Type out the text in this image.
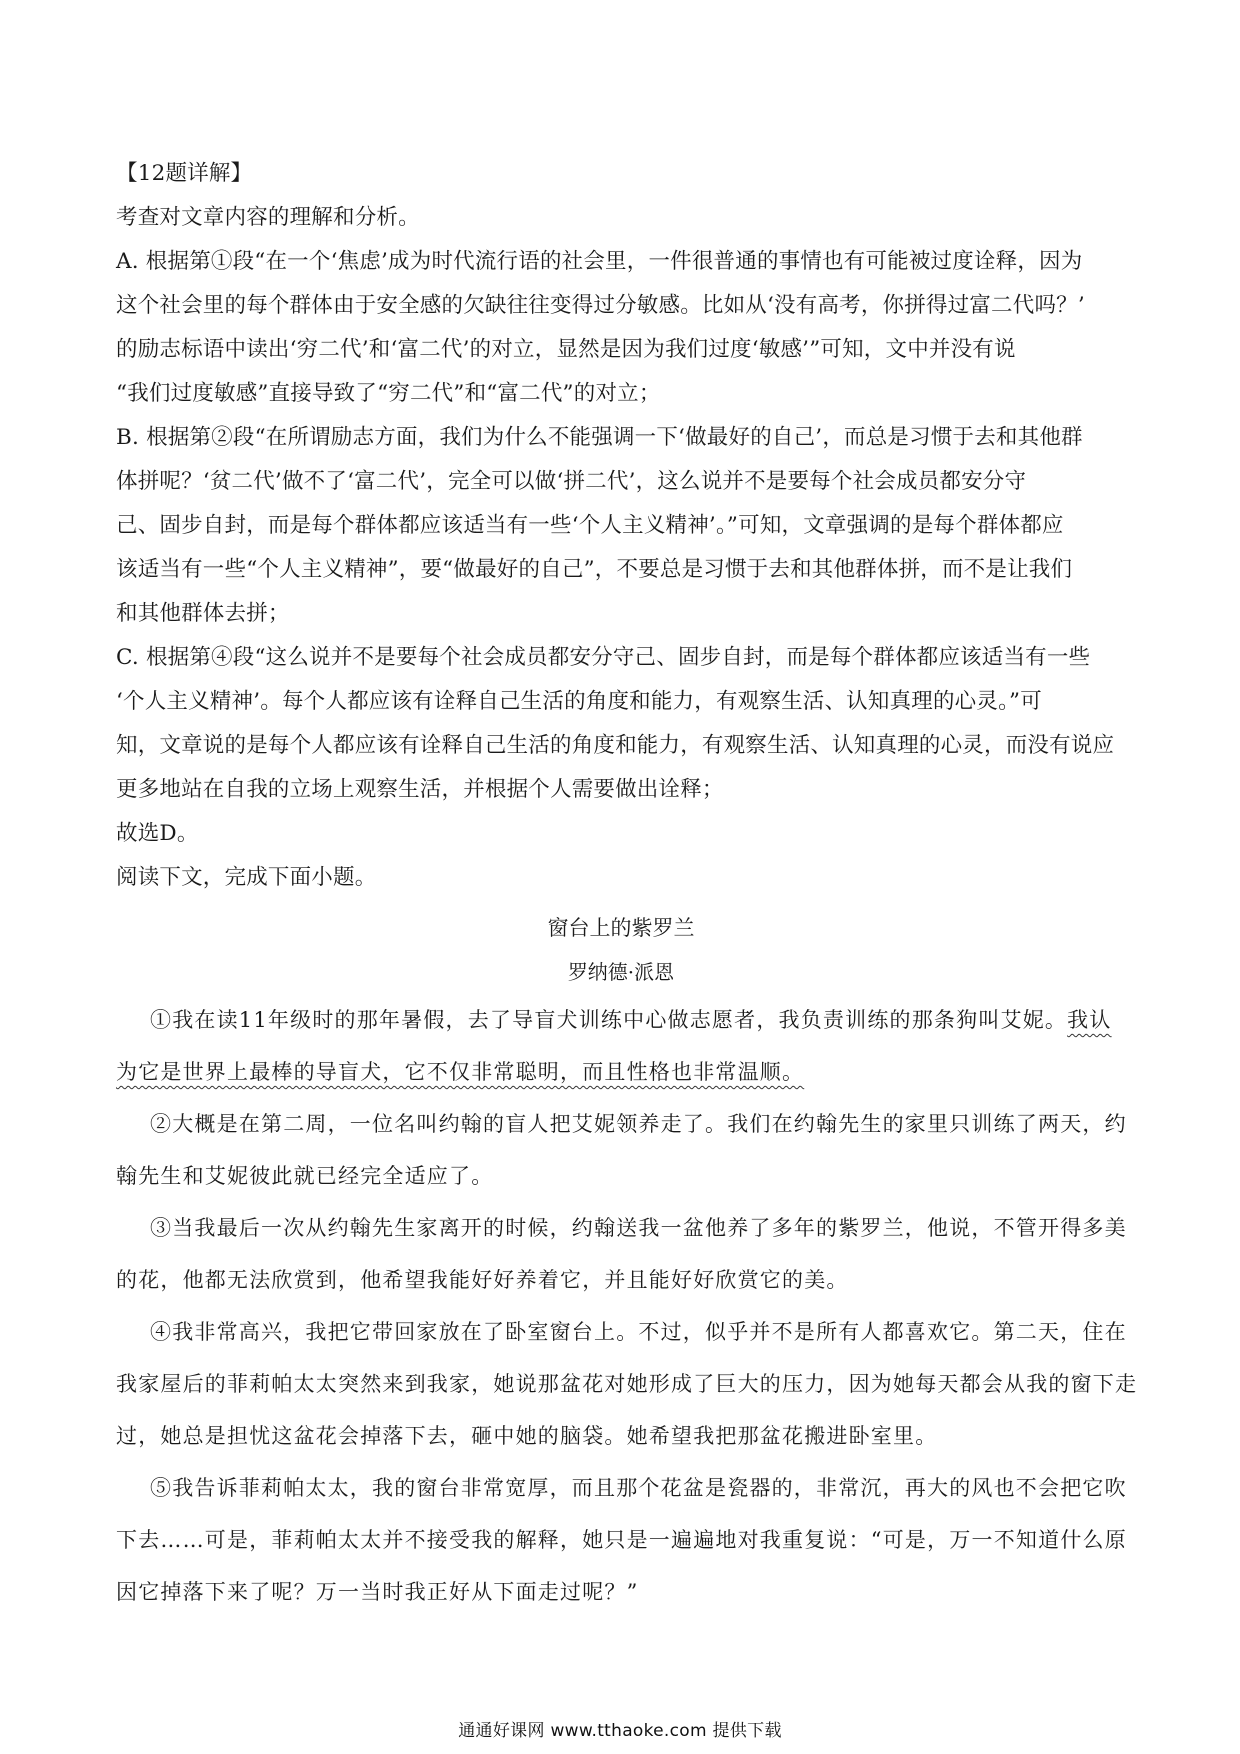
【12题详解】
考查对文章内容的理解和分析。
A. 根据第①段“在一个‘焦虑’成为时代流行语的社会里，一件很普通的事情也有可能被过度诠释，因为
这个社会里的每个群体由于安全感的欠缺往往变得过分敏感。比如从‘没有高考，你拼得过富二代吗？’
的励志标语中读出‘穷二代’和‘富二代’的对立，显然是因为我们过度‘敏感’”可知，文中并没有说
“我们过度敏感”直接导致了“穷二代”和“富二代”的对立；
B. 根据第②段“在所谓励志方面，我们为什么不能强调一下‘做最好的自己’，而总是习惯于去和其他群
体拼呢？‘贫二代’做不了‘富二代’，完全可以做‘拼二代’，这么说并不是要每个社会成员都安分守
己、固步自封，而是每个群体都应该适当有一些‘个人主义精神’。”可知，文章强调的是每个群体都应
该适当有一些“个人主义精神”，要“做最好的自己”，不要总是习惯于去和其他群体拼，而不是让我们
和其他群体去拼；
C. 根据第④段“这么说并不是要每个社会成员都安分守己、固步自封，而是每个群体都应该适当有一些
‘个人主义精神’。每个人都应该有诠释自己生活的角度和能力，有观察生活、认知真理的心灵。”可
知，文章说的是每个人都应该有诠释自己生活的角度和能力，有观察生活、认知真理的心灵，而没有说应
更多地站在自我的立场上观察生活，并根据个人需要做出诠释；
故选D。
阅读下文，完成下面小题。
窗台上的紫罗兰
罗纳德·派恩
①我在读11年级时的那年暑假，去了导盲犬训练中心做志愿者，我负责训练的那条狗叫艾妮。我认
为它是世界上最棒的导盲犬，它不仅非常聪明，而且性格也非常温顺。
②大概是在第二周，一位名叫约翰的盲人把艾妮领养走了。我们在约翰先生的家里只训练了两天，约
翰先生和艾妮彼此就已经完全适应了。
③当我最后一次从约翰先生家离开的时候，约翰送我一盆他养了多年的紫罗兰，他说，不管开得多美
的花，他都无法欣赏到，他希望我能好好养着它，并且能好好欣赏它的美。
④我非常高兴，我把它带回家放在了卧室窗台上。不过，似乎并不是所有人都喜欢它。第二天，住在
我家屋后的菲莉帕太太突然来到我家，她说那盆花对她形成了巨大的压力，因为她每天都会从我的窗下走
过，她总是担忧这盆花会掉落下去，砸中她的脑袋。她希望我把那盆花搬进卧室里。
⑤我告诉菲莉帕太太，我的窗台非常宽厚，而且那个花盆是瓷器的，非常沉，再大的风也不会把它吹
下去……可是，菲莉帕太太并不接受我的解释，她只是一遍遍地对我重复说：“可是，万一不知道什么原
因它掉落下来了呢？万一当时我正好从下面走过呢？”
通通好课网 www.tthaoke.com 提供下载
